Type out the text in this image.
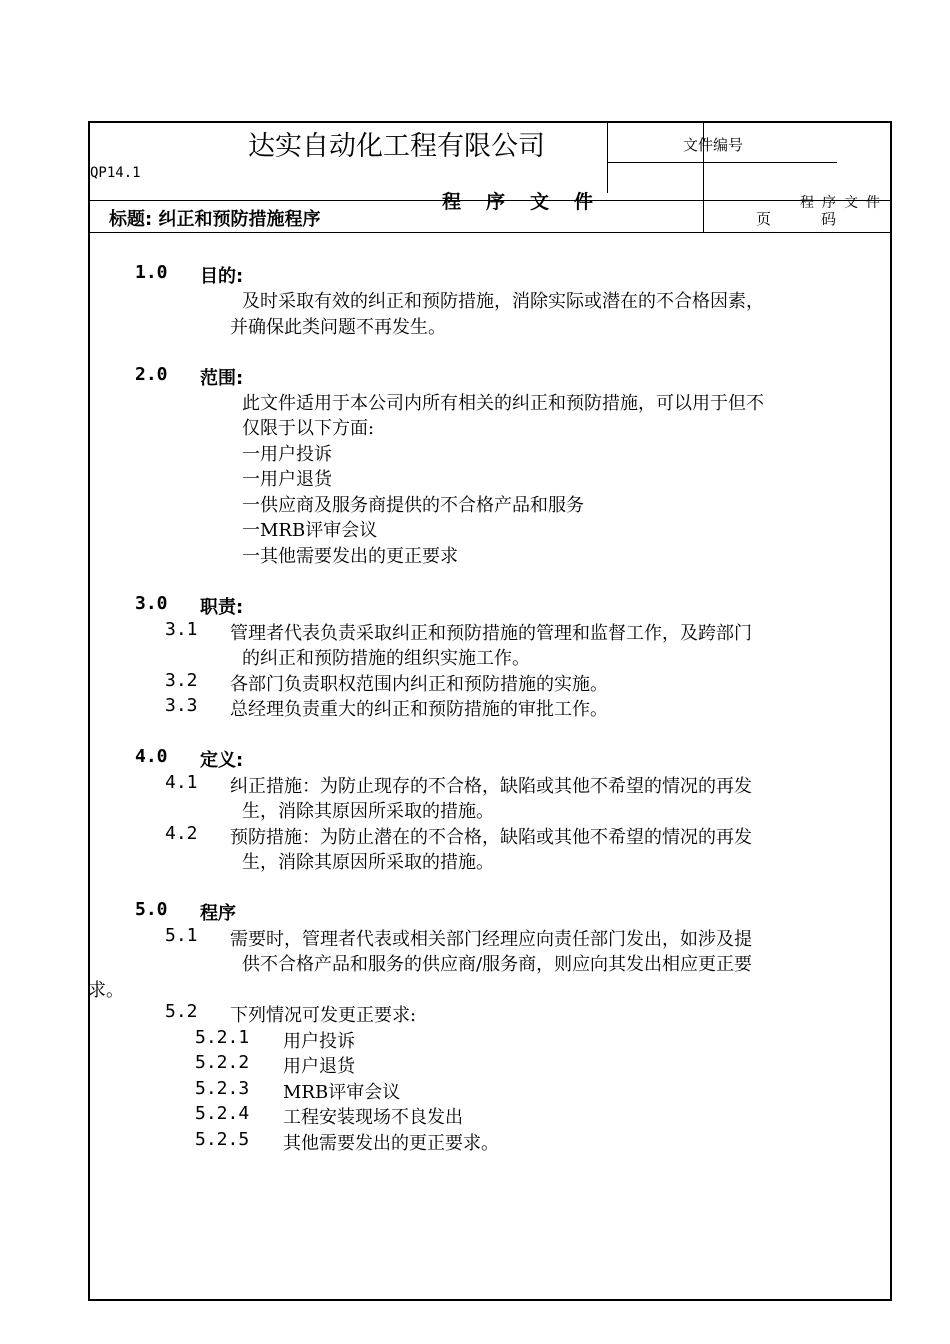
达实自动化工程有限公司
QP14.1
文件编号
程序文件	程序文件
标题: 纠正和预防措施程序	页码
1.0 目的:
及时采取有效的纠正和预防措施，消除实际或潜在的不合格因素，
并确保此类问题不再发生。
2.0 范围:
此文件适用于本公司内所有相关的纠正和预防措施，可以用于但不
仅限于以下方面:
一用户投诉
一用户退货
一供应商及服务商提供的不合格产品和服务
一MRB评审会议
一其他需要发出的更正要求
3.0 职责:
3.1 管理者代表负责采取纠正和预防措施的管理和监督工作，及跨部门
的纠正和预防措施的组织实施工作。
3.2 各部门负责职权范围内纠正和预防措施的实施。
3.3 总经理负责重大的纠正和预防措施的审批工作。
4.0 定义:
4.1 纠正措施：为防止现存的不合格，缺陷或其他不希望的情况的再发
生，消除其原因所采取的措施。
4.2 预防措施：为防止潜在的不合格，缺陷或其他不希望的情况的再发
生，消除其原因所采取的措施。
5.0 程序
5.1 需要时，管理者代表或相关部门经理应向责任部门发出，如涉及提
供不合格产品和服务的供应商/服务商，则应向其发出相应更正要
求。
5.2 下列情况可发更正要求:
5.2.1 用户投诉
5.2.2 用户退货
5.2.3 MRB评审会议
5.2.4 工程安装现场不良发出
5.2.5 其他需要发出的更正要求。
